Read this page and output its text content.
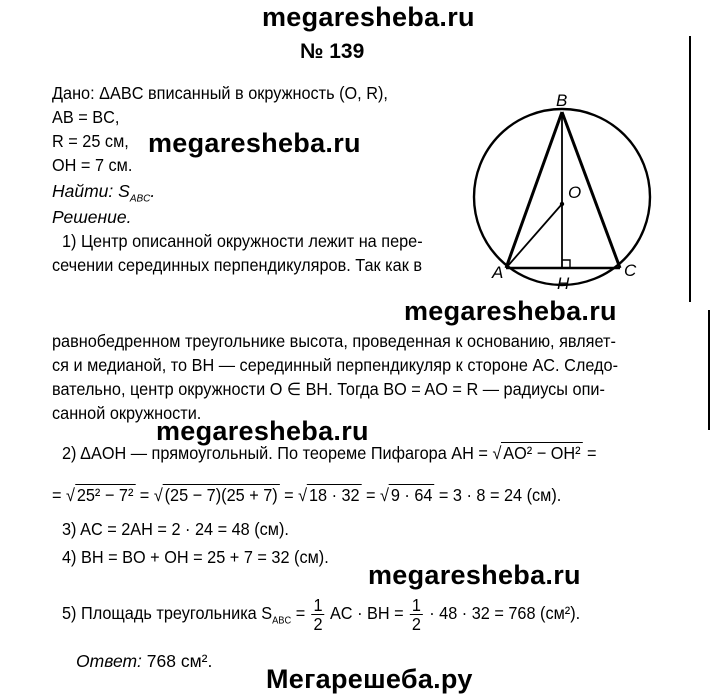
megaresheba.ru
megaresheba.ru
megaresheba.ru
megaresheba.ru
megaresheba.ru
Мегарешеба.ру
№ 139
Дано: ΔABC вписанный в окружность (O, R),
AB = BC,
R = 25 см,
OH = 7 см.
Найти: $S_{ABC}$.
Решение.
1) Центр описанной окружности лежит на пере-
сечении серединных перпендикуляров. Так как в
равнобедренном треугольнике высота, проведенная к основанию, являет-
ся и медианой, то BH — серединный перпендикуляр к стороне AC. Следо-
вательно, центр окружности O ∈ BH. Тогда BO = AO = R — радиусы опи-
санной окружности.
2) ΔAOH — прямоугольный. По теореме Пифагора AH = √ AO² − OH² =
= √ 25² − 7² = √ (25 − 7)(25 + 7) = √ 18 · 32 = √ 9 · 64 = 3 · 8 = 24 (см).
3) AC = 2AH = 2 · 24 = 48 (см).
4) BH = BO + OH = 25 + 7 = 32 (см).
5) Площадь треугольника $S_{ABC} = \frac{1}{2}$ AC · BH = $\frac{1}{2} \cdot 48 \cdot 32 = 768$ (см²).
Ответ: 768 см².
B
O
A
H
C
